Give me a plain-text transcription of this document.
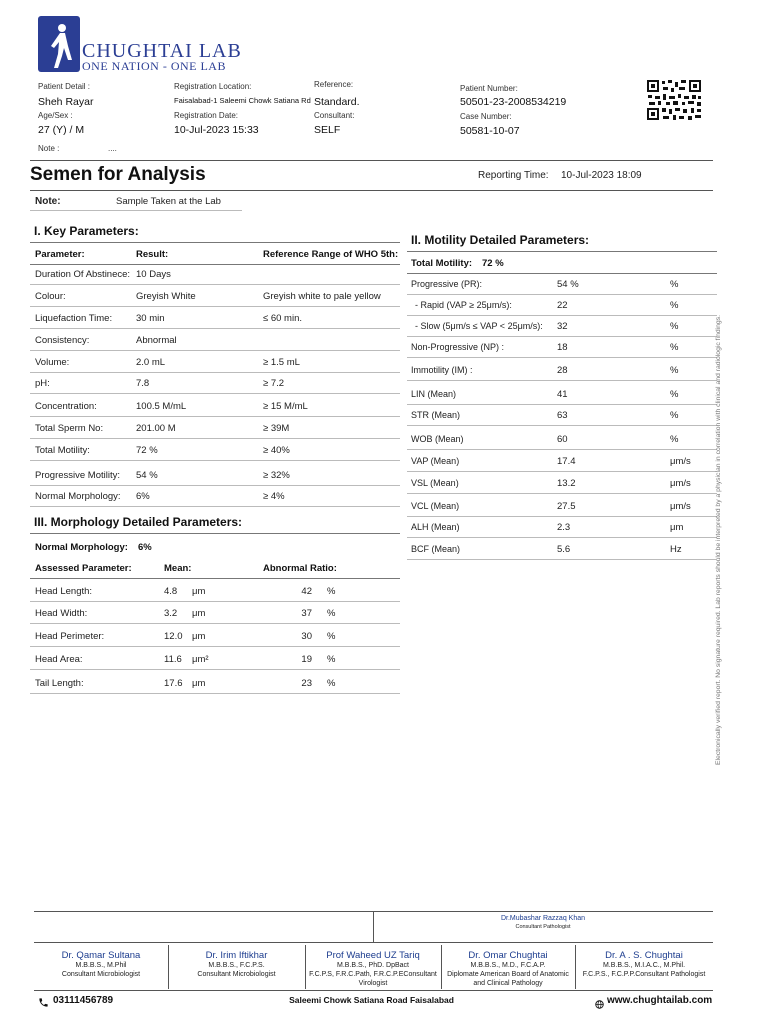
CHUGHTAI LAB
ONE NATION - ONE LAB
Patient Detail :
Sheh Rayar
Age/Sex :
27 (Y) / M
Note :	....
Registration Location:
Faisalabad-1 Saleemi Chowk Satiana Rd
Registration Date:
10-Jul-2023 15:33
Reference:
Standard.
Consultant:
SELF
Patient Number:
50501-23-2008534219
Case Number:
50581-10-07
Semen for Analysis	Reporting Time: 10-Jul-2023 18:09
Note:	Sample Taken at the Lab
I. Key Parameters:
Parameter:	Result:	Reference Range of WHO 5th:
Duration Of Abstinece: 10 Days
Colour:	Greyish White	Greyish white to pale yellow
Liquefaction Time:	30 min	≤ 60 min.
Consistency:	Abnormal
Volume:	2.0 mL	≥ 1.5 mL
pH:	7.8	≥ 7.2
Concentration:	100.5 M/mL	≥ 15 M/mL
Total Sperm No:	201.00 M	≥ 39M
Total Motility:	72 %	≥ 40%
Progressive Motility: 54 %	≥ 32%
Normal Morphology: 6%	≥ 4%
III. Morphology Detailed Parameters:
Normal Morphology: 6%
Assessed Parameter:	Mean:	Abnormal Ratio:
Head Length:	4.8 μm	42 %
Head Width:	3.2 μm	37 %
Head Perimeter:	12.0 μm	30 %
Head Area:	11.6 μm²	19 %
Tail Length:	17.6 μm	23 %
II. Motility Detailed Parameters:
Total Motility: 72 %
Progressive (PR):	54 %	%
- Rapid (VAP ≥ 25μm/s):	22	%
- Slow (5μm/s ≤ VAP < 25μm/s): 32	%
Non-Progressive (NP) :	18	%
Immotility (IM) :	28	%
LIN (Mean)	41	%
STR (Mean)	63	%
WOB (Mean)	60	%
VAP (Mean)	17.4	μm/s
VSL (Mean)	13.2	μm/s
VCL (Mean)	27.5	μm/s
ALH (Mean)	2.3	μm
BCF (Mean)	5.6	Hz	Electronically verified report. No signature required. Lab reports should be interpreted by a physician in correlation with clinical and radiologic findings.
Dr.Mubashar Razzaq Khan
Consultant Pathologist
Dr. Qamar Sultana
M.B.B.S., M.Phil
Consultant Microbiologist
Dr. Irim Iftikhar
M.B.B.S., F.C.P.S.
Consultant Microbiologist
Prof Waheed UZ Tariq
M.B.B.S., PhD. DpBact
F.C.P.S, F.R.C.Path, F.R.C.P.EConsultant
Virologist
Dr. Omar Chughtai
M.B.B.S., M.D., F.C.A.P.
Diplomate American Board of Anatomic
and Clinical Pathology
Dr. A . S. Chughtai
M.B.B.S., M.I.A.C., M.Phil.
F.C.P.S., F.C.P.P.Consultant Pathologist
03111456789	Saleemi Chowk Satiana Road Faisalabad	www.chughtailab.com
